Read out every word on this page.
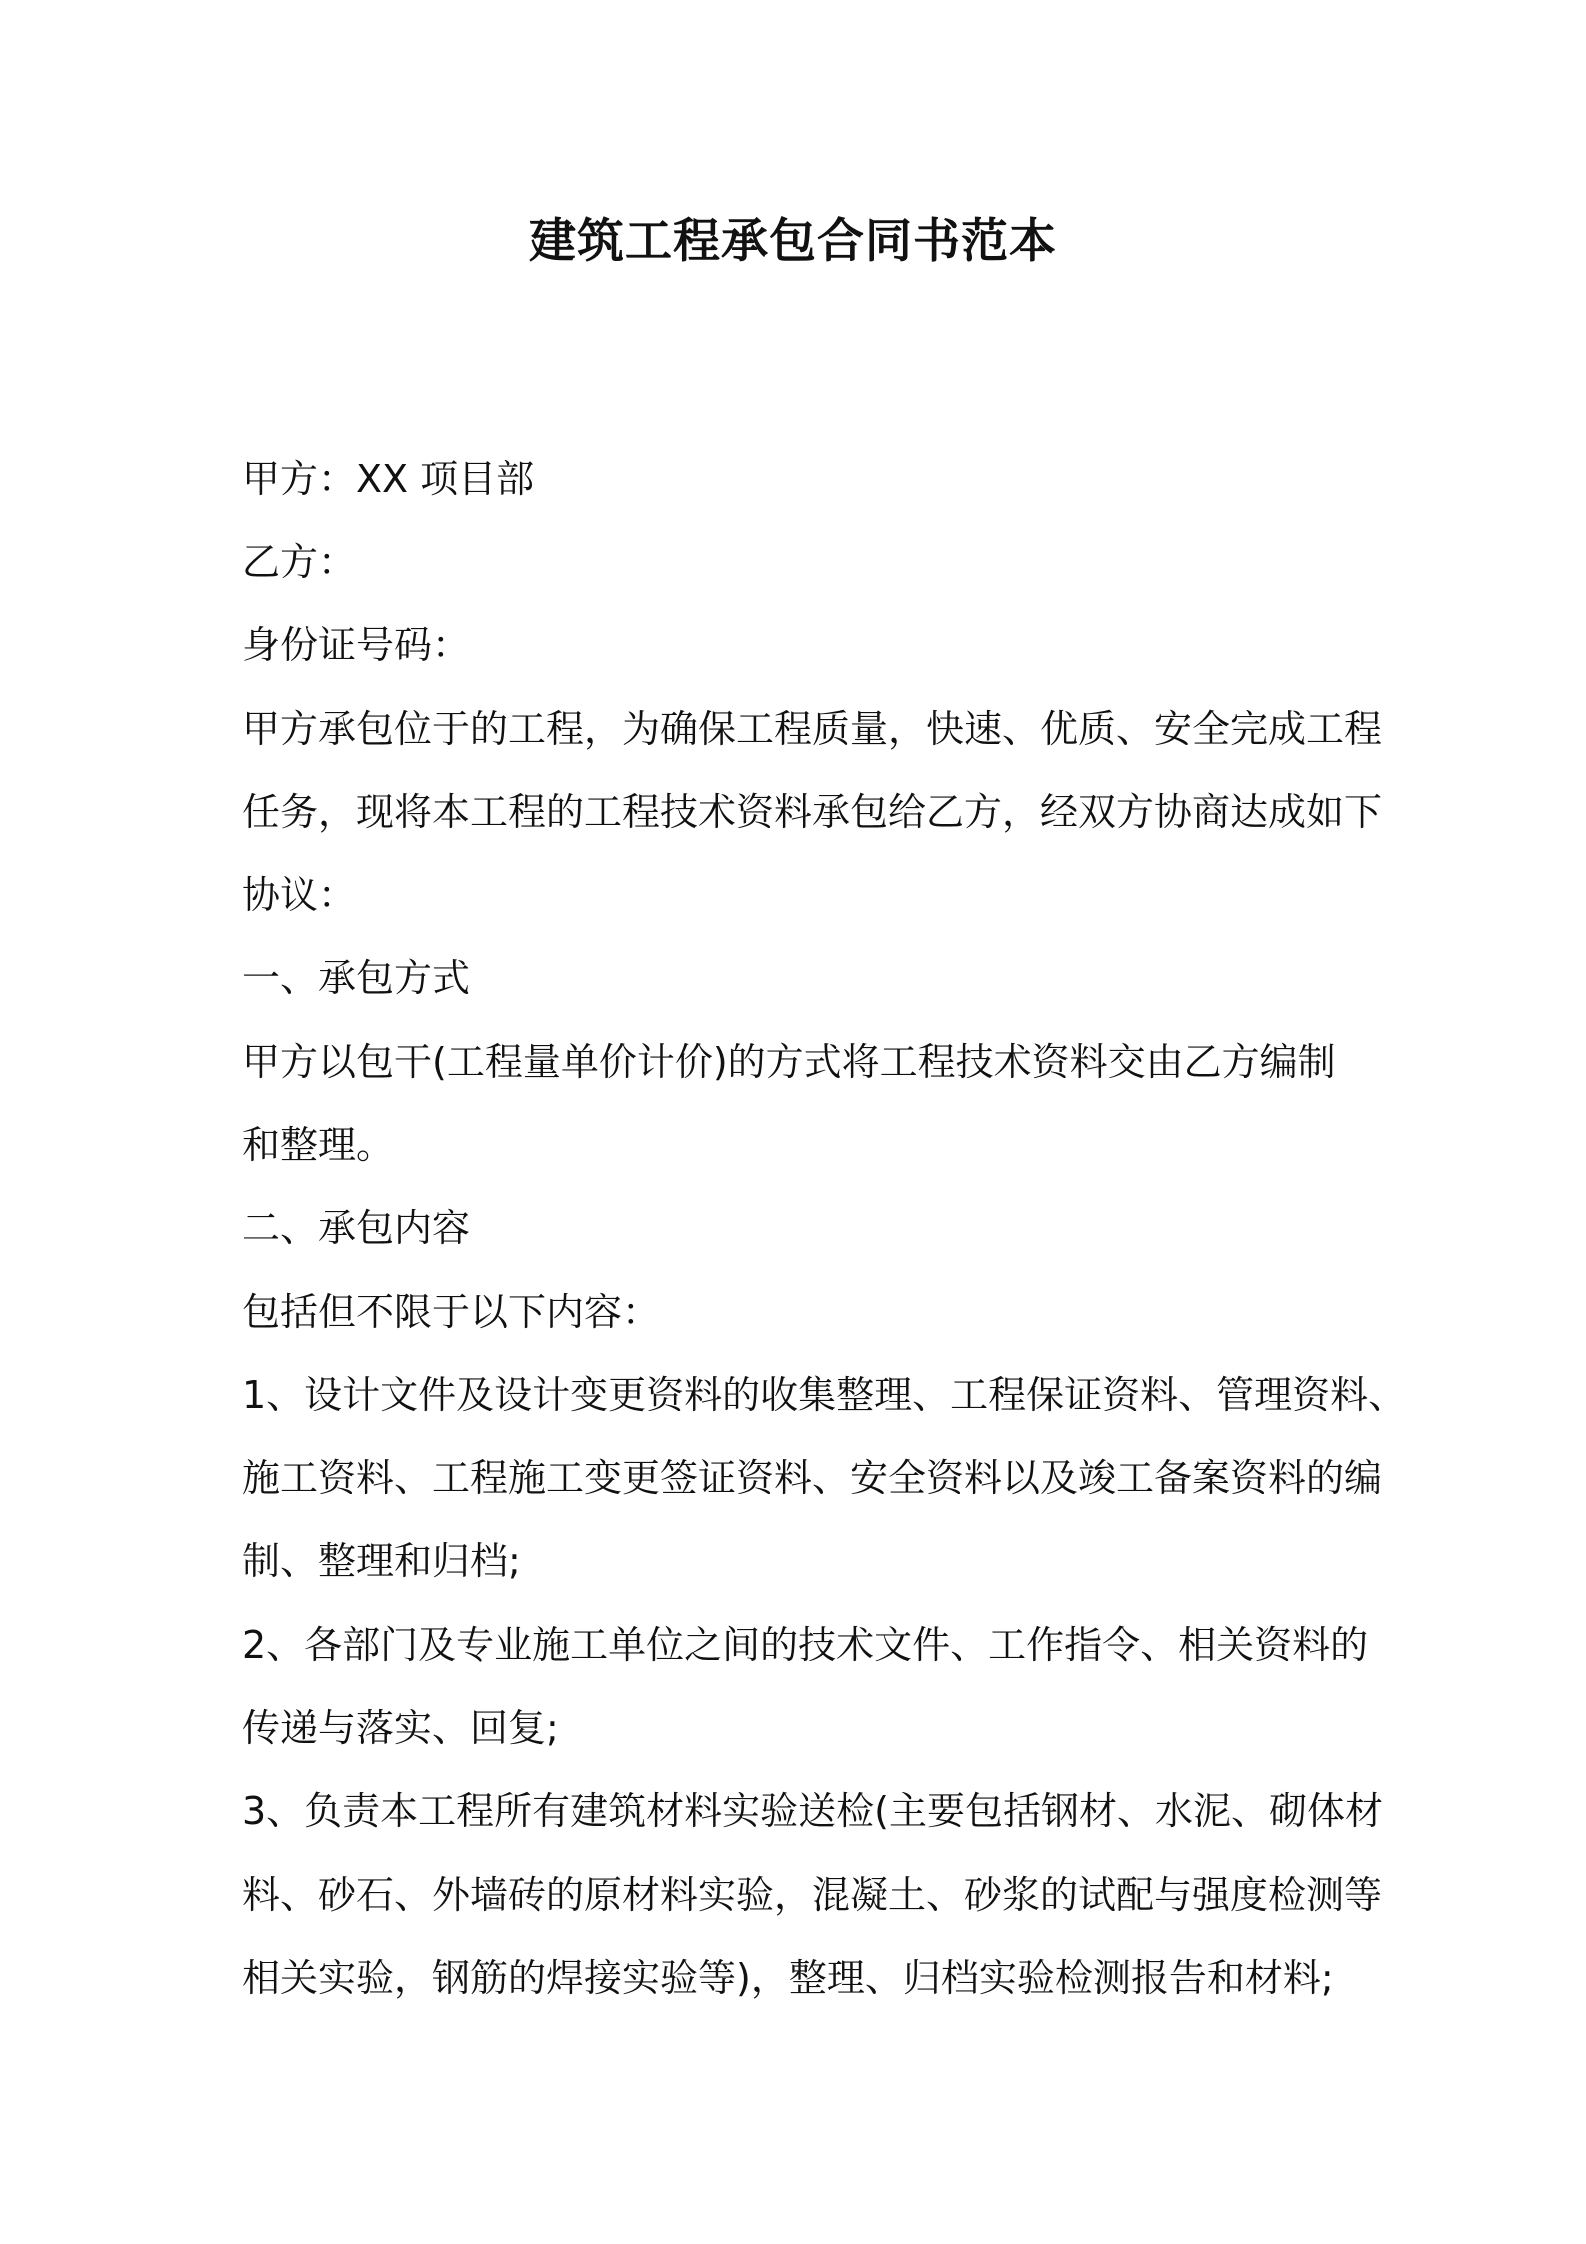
建筑工程承包合同书范本
甲方：XX 项目部
乙方：
身份证号码：
甲方承包位于的工程，为确保工程质量，快速、优质、安全完成工程
任务，现将本工程的工程技术资料承包给乙方，经双方协商达成如下
协议：
一、承包方式
甲方以包干(工程量单价计价)的方式将工程技术资料交由乙方编制
和整理。
二、承包内容
包括但不限于以下内容：
1、设计文件及设计变更资料的收集整理、工程保证资料、管理资料、
施工资料、工程施工变更签证资料、安全资料以及竣工备案资料的编
制、整理和归档;
2、各部门及专业施工单位之间的技术文件、工作指令、相关资料的
传递与落实、回复;
3、负责本工程所有建筑材料实验送检(主要包括钢材、水泥、砌体材
料、砂石、外墙砖的原材料实验，混凝土、砂浆的试配与强度检测等
相关实验，钢筋的焊接实验等)，整理、归档实验检测报告和材料;
